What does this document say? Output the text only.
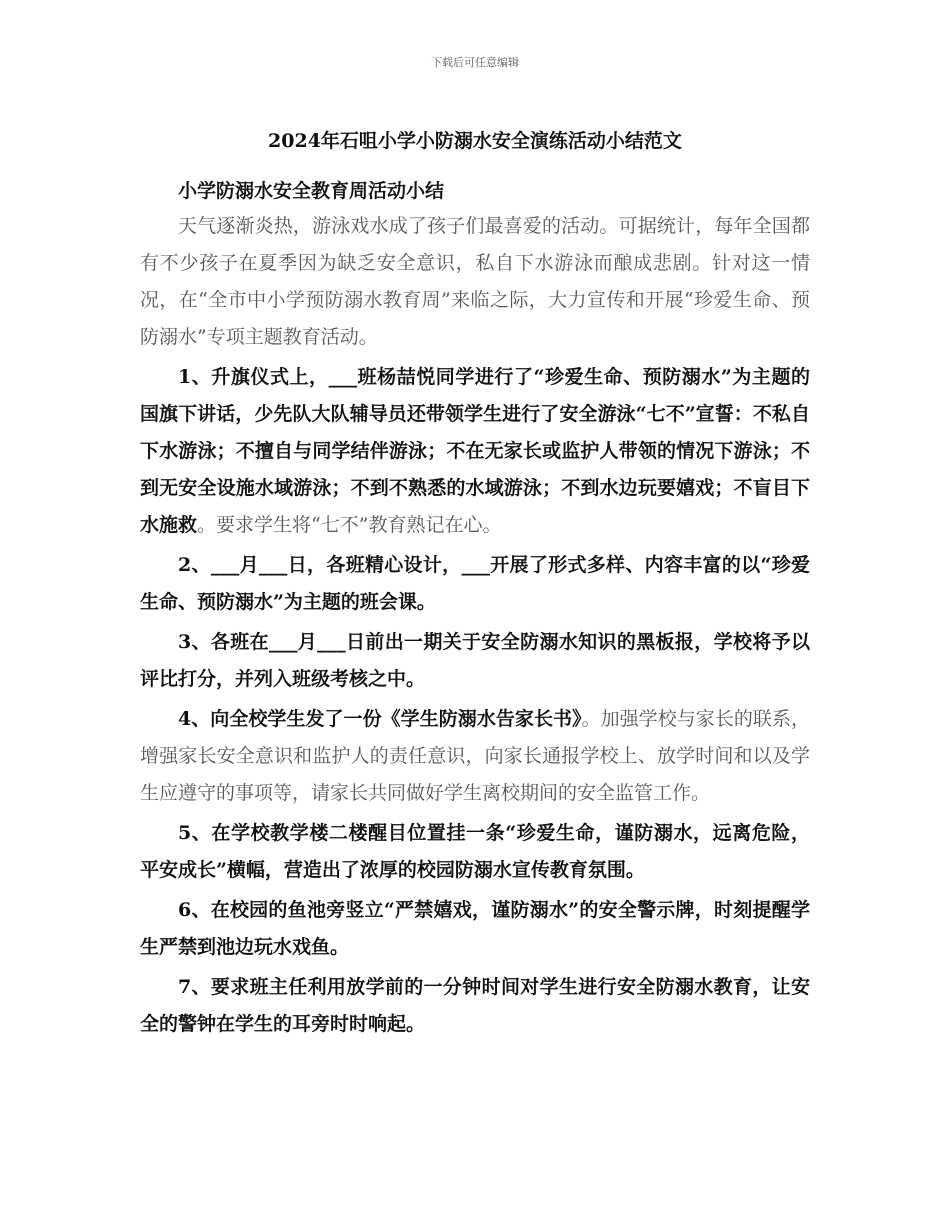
下载后可任意编辑
2024年石咀小学小防溺水安全演练活动小结范文
小学防溺水安全教育周活动小结

天气逐渐炎热，游泳戏水成了孩子们最喜爱的活动。可据统计，每年全国都有不少孩子在夏季因为缺乏安全意识，私自下水游泳而酿成悲剧。针对这一情况，在“全市中小学预防溺水教育周”来临之际，大力宣传和开展“珍爱生命、预防溺水”专项主题教育活动。

1、升旗仪式上，___班杨喆悦同学进行了“珍爱生命、预防溺水”为主题的国旗下讲话，少先队大队辅导员还带领学生进行了安全游泳“七不”宣誓：不私自下水游泳；不擅自与同学结伴游泳；不在无家长或监护人带领的情况下游泳；不到无安全设施水域游泳；不到不熟悉的水域游泳；不到水边玩要嬉戏；不盲目下水施救。要求学生将“七不”教育熟记在心。

2、___月___日，各班精心设计，___开展了形式多样、内容丰富的以“珍爱生命、预防溺水”为主题的班会课。

3、各班在___月___日前出一期关于安全防溺水知识的黑板报，学校将予以评比打分，并列入班级考核之中。

4、向全校学生发了一份《学生防溺水告家长书》。加强学校与家长的联系，增强家长安全意识和监护人的责任意识，向家长通报学校上、放学时间和以及学生应遵守的事项等，请家长共同做好学生离校期间的安全监管工作。

5、在学校教学楼二楼醒目位置挂一条“珍爱生命，谨防溺水，远离危险，平安成长”横幅，营造出了浓厚的校园防溺水宣传教育氛围。

6、在校园的鱼池旁竖立“严禁嬉戏，谨防溺水”的安全警示牌，时刻提醒学生严禁到池边玩水戏鱼。

7、要求班主任利用放学前的一分钟时间对学生进行安全防溺水教育，让安全的警钟在学生的耳旁时时响起。
